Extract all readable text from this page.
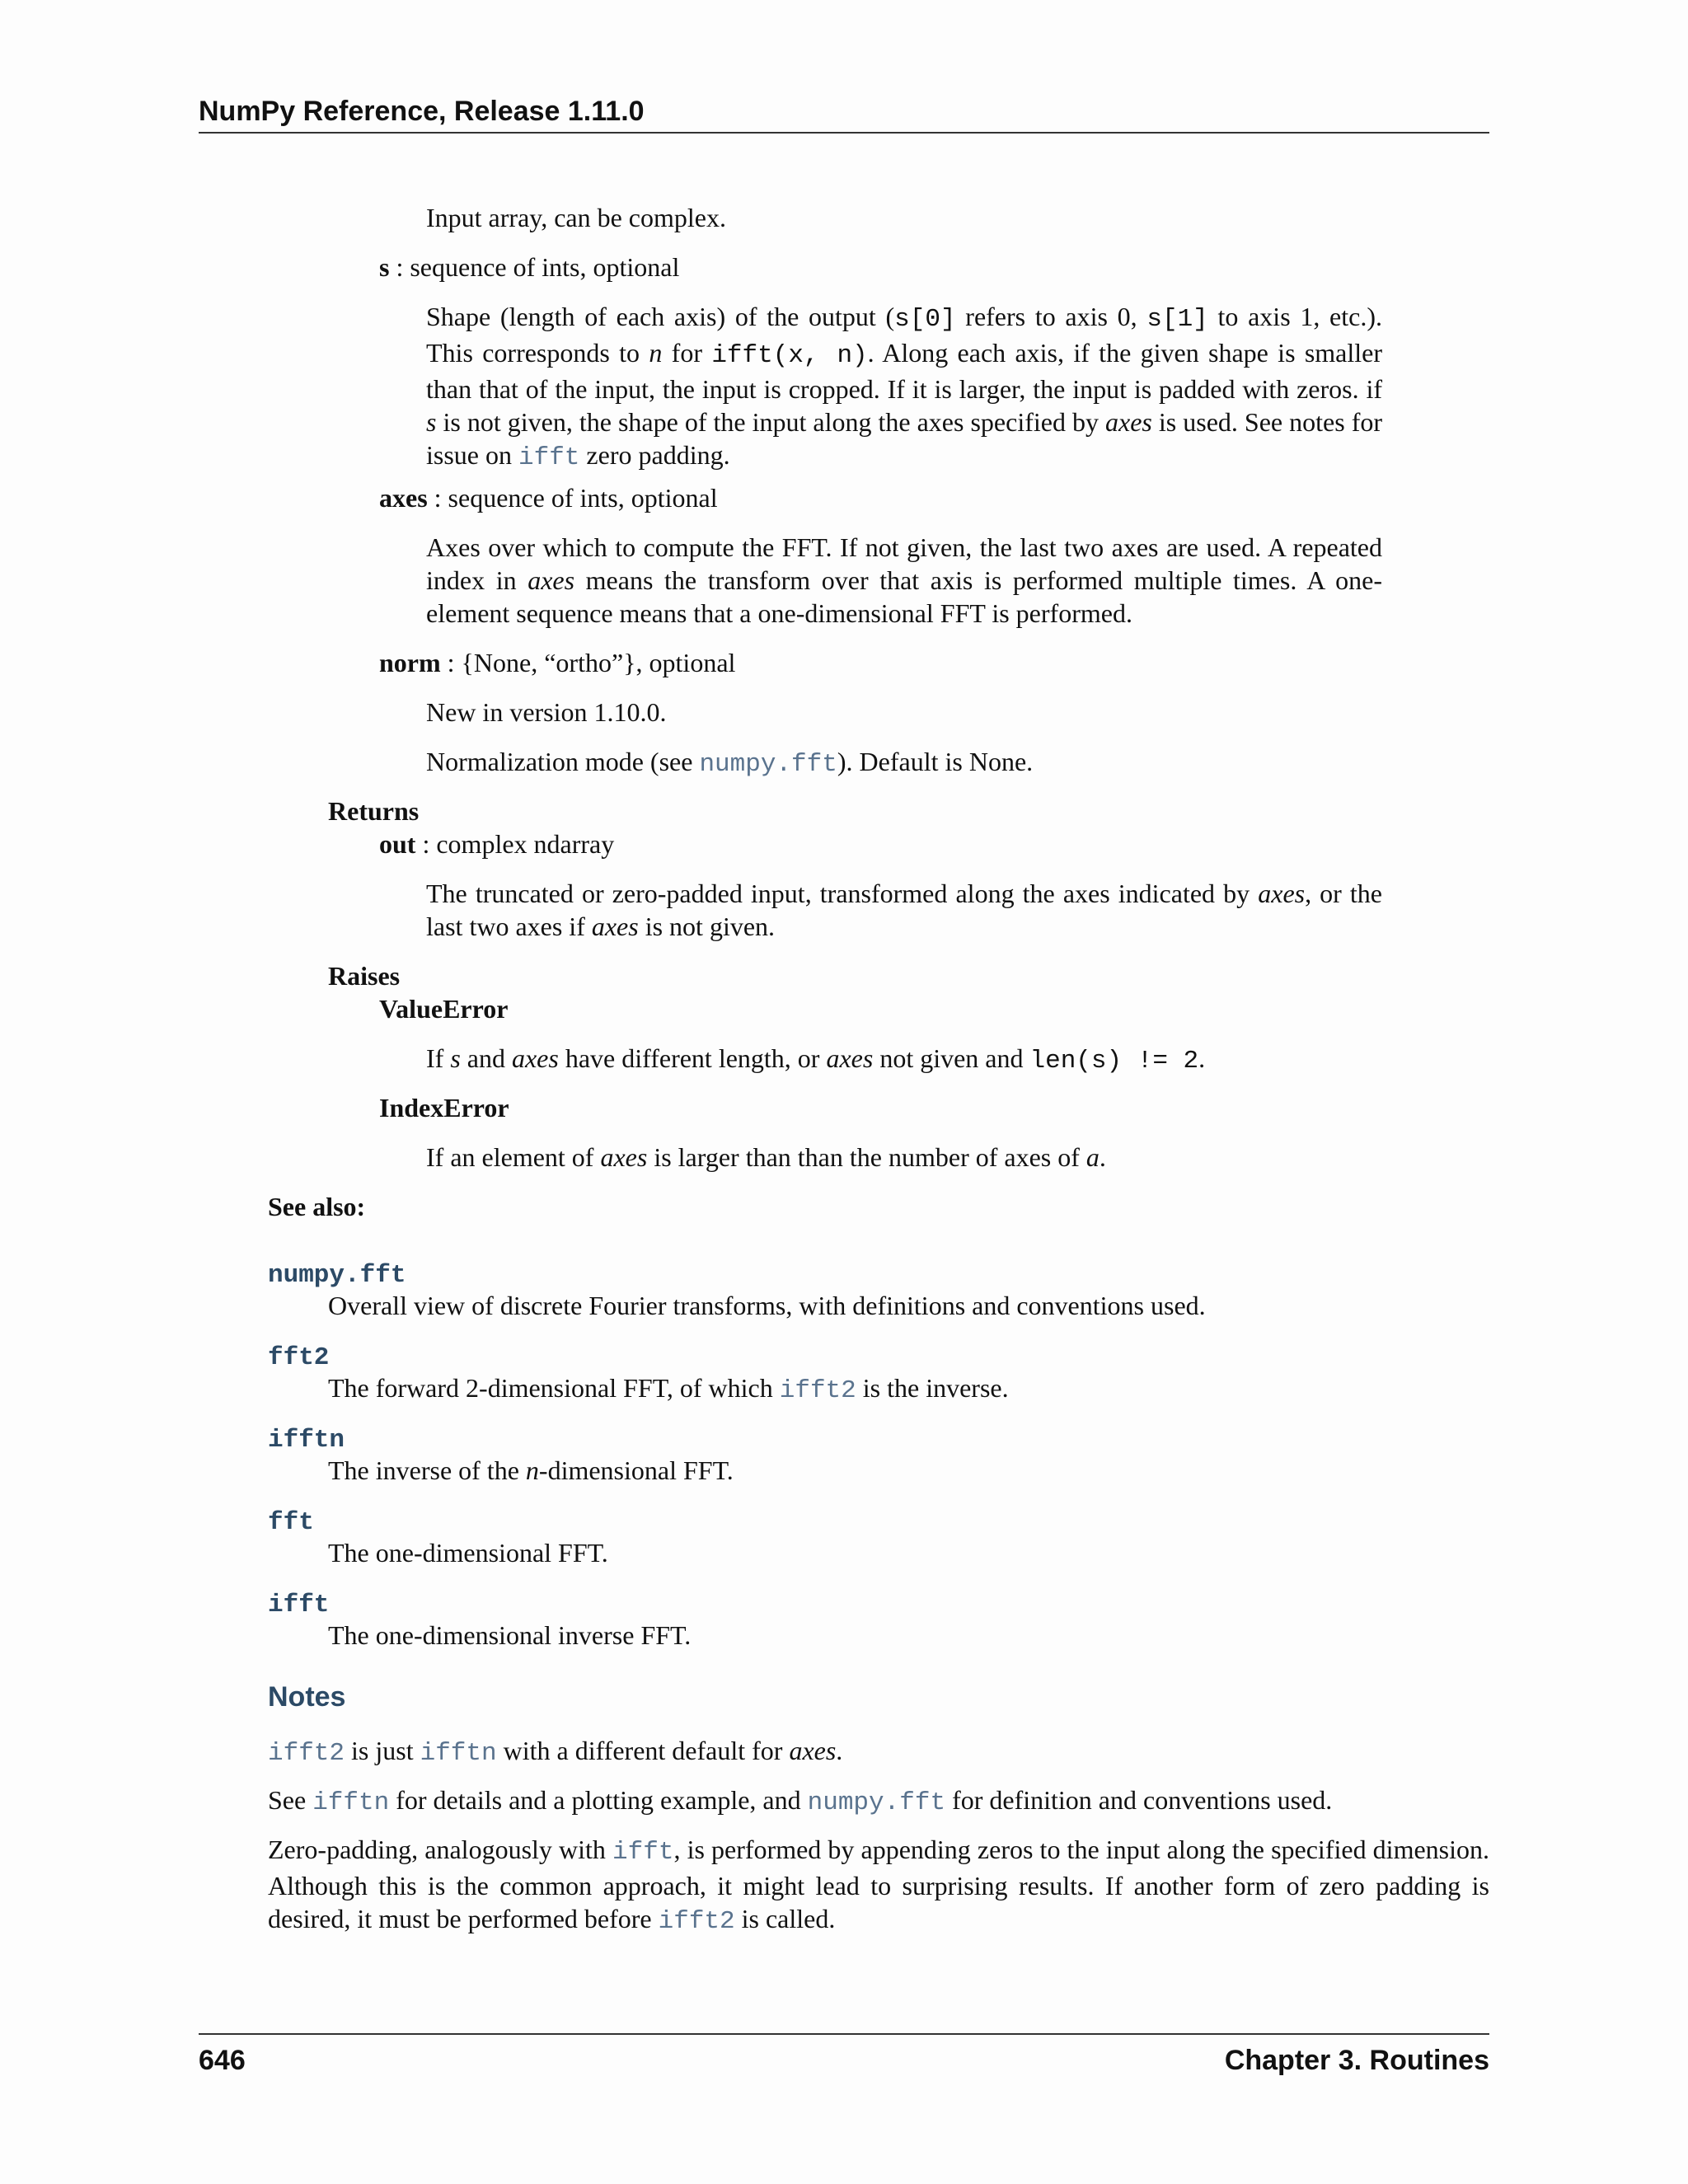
NumPy Reference, Release 1.11.0
Input array, can be complex.
s : sequence of ints, optional
Shape (length of each axis) of the output (s[0] refers to axis 0, s[1] to axis 1, etc.). This corresponds to n for ifft(x, n). Along each axis, if the given shape is smaller than that of the input, the input is cropped. If it is larger, the input is padded with zeros. if s is not given, the shape of the input along the axes specified by axes is used. See notes for issue on ifft zero padding.
axes : sequence of ints, optional
Axes over which to compute the FFT. If not given, the last two axes are used. A repeated index in axes means the transform over that axis is performed multiple times. A one-element sequence means that a one-dimensional FFT is performed.
norm : {None, “ortho”}, optional
New in version 1.10.0.
Normalization mode (see numpy.fft). Default is None.
Returns
out : complex ndarray
The truncated or zero-padded input, transformed along the axes indicated by axes, or the last two axes if axes is not given.
Raises
ValueError
If s and axes have different length, or axes not given and len(s) != 2.
IndexError
If an element of axes is larger than than the number of axes of a.
See also:
numpy.fft
Overall view of discrete Fourier transforms, with definitions and conventions used.
fft2
The forward 2-dimensional FFT, of which ifft2 is the inverse.
ifftn
The inverse of the n-dimensional FFT.
fft
The one-dimensional FFT.
ifft
The one-dimensional inverse FFT.
Notes
ifft2 is just ifftn with a different default for axes.
See ifftn for details and a plotting example, and numpy.fft for definition and conventions used.
Zero-padding, analogously with ifft, is performed by appending zeros to the input along the specified dimension. Although this is the common approach, it might lead to surprising results. If another form of zero padding is desired, it must be performed before ifft2 is called.
646	Chapter 3. Routines
